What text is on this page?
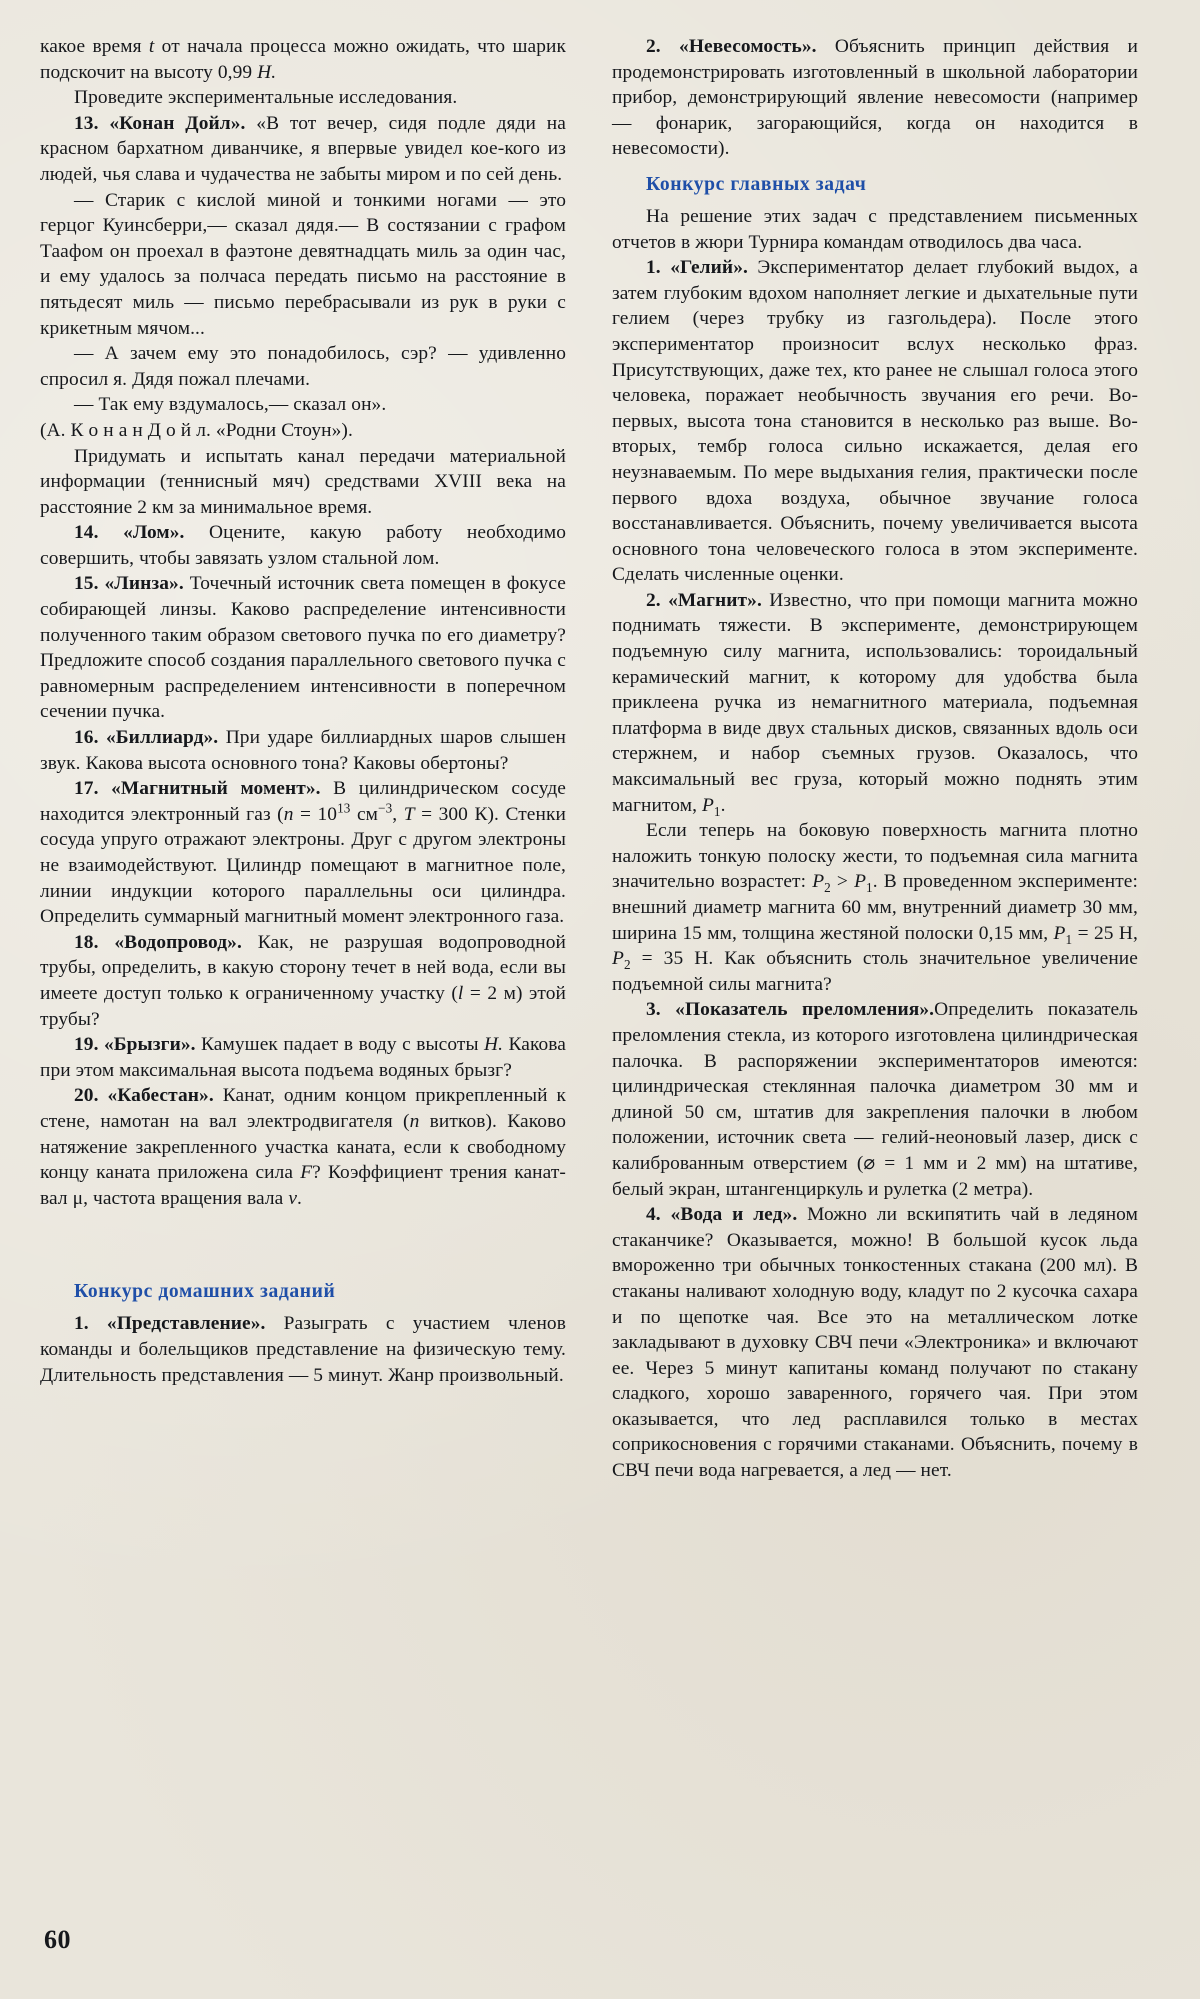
какое время t от начала процесса можно ожидать, что шарик подскочит на высоту 0,99 H.

Проведите экспериментальные исследования.

13. «Конан Дойл». «В тот вечер, сидя подле дяди на красном бархатном диванчике, я впервые увидел кое-кого из людей, чья слава и чудачества не забыты миром и по сей день.

— Старик с кислой миной и тонкими ногами — это герцог Куинсберри,— сказал дядя.— В состязании с графом Таафом он проехал в фаэтоне девятнадцать миль за один час, и ему удалось за полчаса передать письмо на расстояние в пятьдесят миль — письмо перебрасывали из рук в руки с крикетным мячом...

— А зачем ему это понадобилось, сэр? — удивленно спросил я. Дядя пожал плечами.

— Так ему вздумалось,— сказал он».

(А. К о н а н Д о й л. «Родни Стоун»).

Придумать и испытать канал передачи материальной информации (теннисный мяч) средствами XVIII века на расстояние 2 км за минимальное время.

14. «Лом». Оцените, какую работу необходимо совершить, чтобы завязать узлом стальной лом.

15. «Линза». Точечный источник света помещен в фокусе собирающей линзы. Каково распределение интенсивности полученного таким образом светового пучка по его диаметру? Предложите способ создания параллельного светового пучка с равномерным распределением интенсивности в поперечном сечении пучка.

16. «Биллиард». При ударе биллиардных шаров слышен звук. Какова высота основного тона? Каковы обертоны?

17. «Магнитный момент». В цилиндрическом сосуде находится электронный газ ($n = 10^{13}$ $см^{-3}$, T = 300 К). Стенки сосуда упруго отражают электроны. Друг с другом электроны не взаимодействуют. Цилиндр помещают в магнитное поле, линии индукции которого параллельны оси цилиндра. Определить суммарный магнитный момент электронного газа.

18. «Водопровод». Как, не разрушая водопроводной трубы, определить, в какую сторону течет в ней вода, если вы имеете доступ только к ограниченному участку (l = 2 м) этой трубы?

19. «Брызги». Камушек падает в воду с высоты H. Какова при этом максимальная высота подъема водяных брызг?

20. «Кабестан». Канат, одним концом прикрепленный к стене, намотан на вал электродвигателя (n витков). Каково натяжение закрепленного участка каната, если к свободному концу каната приложена сила F? Коэффициент трения канат-вал μ, частота вращения вала ν.

Конкурс домашних заданий

1. «Представление». Разыграть с участием членов команды и болельщиков представление на физическую тему. Длительность представления — 5 минут. Жанр произвольный.

2. «Невесомость». Объяснить принцип действия и продемонстрировать изготовленный в школьной лаборатории прибор, демонстрирующий явление невесомости (например — фонарик, загорающийся, когда он находится в невесомости).

Конкурс главных задач

На решение этих задач с представлением письменных отчетов в жюри Турнира командам отводилось два часа.

1. «Гелий». Экспериментатор делает глубокий выдох, а затем глубоким вдохом наполняет легкие и дыхательные пути гелием (через трубку из газгольдера). После этого экспериментатор произносит вслух несколько фраз. Присутствующих, даже тех, кто ранее не слышал голоса этого человека, поражает необычность звучания его речи. Во-первых, высота тона становится в несколько раз выше. Во-вторых, тембр голоса сильно искажается, делая его неузнаваемым. По мере выдыхания гелия, практически после первого вдоха воздуха, обычное звучание голоса восстанавливается. Объяснить, почему увеличивается высота основного тона человеческого голоса в этом эксперименте. Сделать численные оценки.

2. «Магнит». Известно, что при помощи магнита можно поднимать тяжести. В эксперименте, демонстрирующем подъемную силу магнита, использовались: тороидальный керамический магнит, к которому для удобства была приклеена ручка из немагнитного материала, подъемная платформа в виде двух стальных дисков, связанных вдоль оси стержнем, и набор съемных грузов. Оказалось, что максимальный вес груза, который можно поднять этим магнитом, $P_1$.

Если теперь на боковую поверхность магнита плотно наложить тонкую полоску жести, то подъемная сила магнита значительно возрастет: $P_2 > P_1$. В проведенном эксперименте: внешний диаметр магнита 60 мм, внутренний диаметр 30 мм, ширина 15 мм, толщина жестяной полоски 0,15 мм, $P_1 = 25$ Н, $P_2 = 35$ Н. Как объяснить столь значительное увеличение подъемной силы магнита?

3. «Показатель преломления».Определить показатель преломления стекла, из которого изготовлена цилиндрическая палочка. В распоряжении экспериментаторов имеются: цилиндрическая стеклянная палочка диаметром 30 мм и длиной 50 см, штатив для закрепления палочки в любом положении, источник света — гелий-неоновый лазер, диск с калиброванным отверстием (⌀ = 1 мм и 2 мм) на штативе, белый экран, штангенциркуль и рулетка (2 метра).

4. «Вода и лед». Можно ли вскипятить чай в ледяном стаканчике? Оказывается, можно! В большой кусок льда вмороженно три обычных тонкостенных стакана (200 мл). В стаканы наливают холодную воду, кладут по 2 кусочка сахара и по щепотке чая. Все это на металлическом лотке закладывают в духовку СВЧ печи «Электроника» и включают ее. Через 5 минут капитаны команд получают по стакану сладкого, хорошо заваренного, горячего чая. При этом оказывается, что лед расплавился только в местах соприкосновения с горячими стаканами. Объяснить, почему в СВЧ печи вода нагревается, а лед — нет.

60
